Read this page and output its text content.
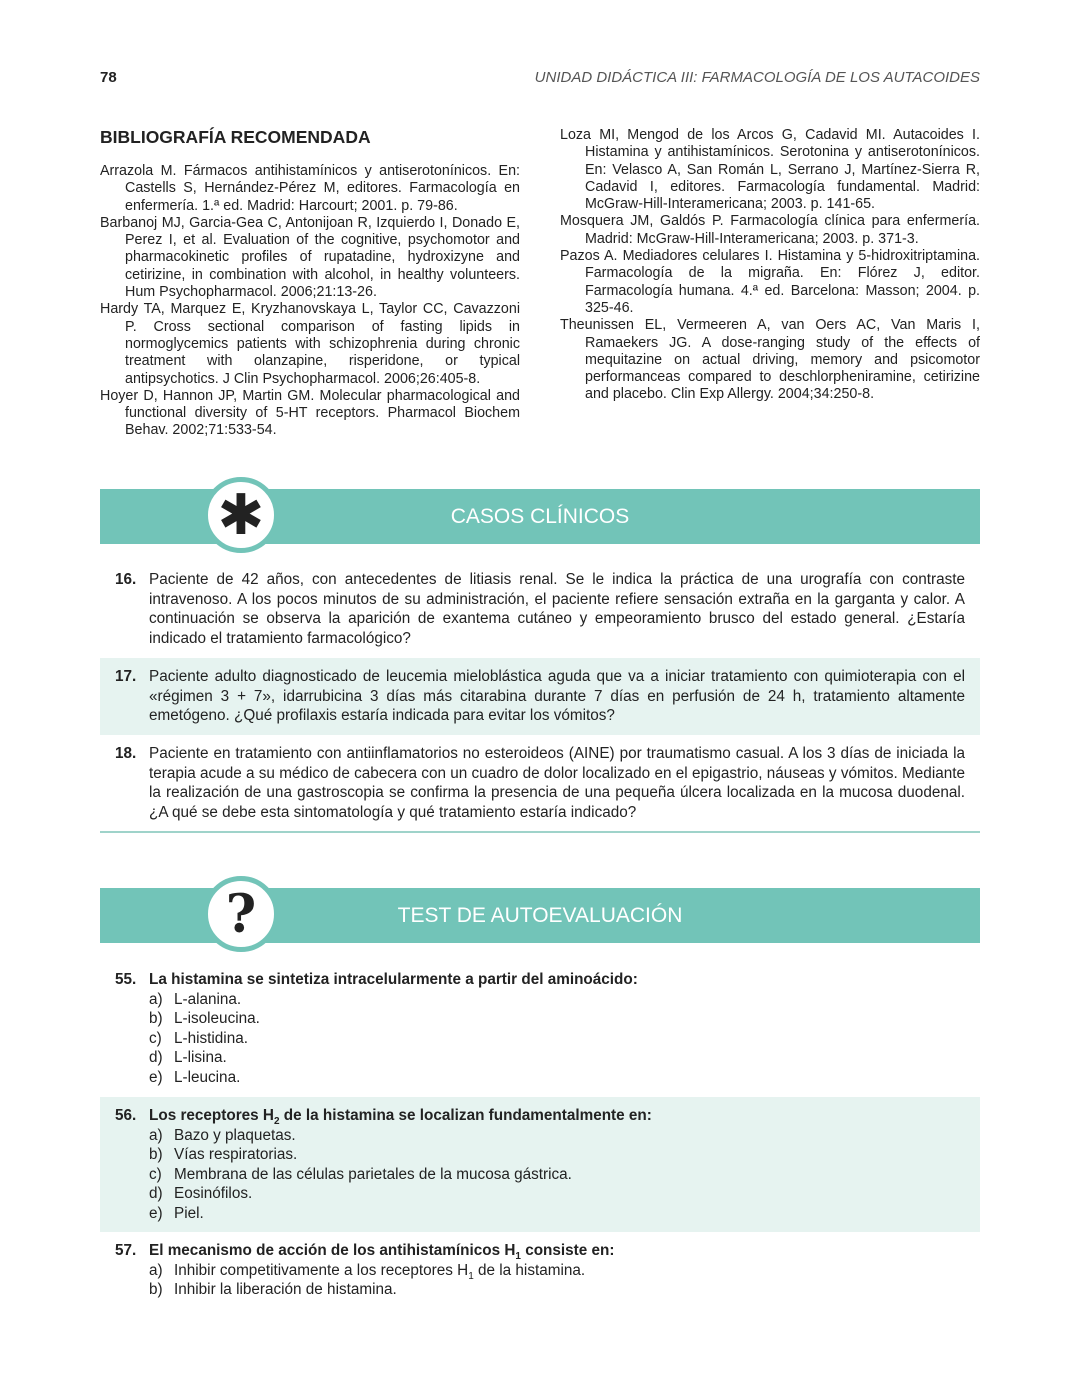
78	UNIDAD DIDÁCTICA III: FARMACOLOGÍA DE LOS AUTACOIDES
BIBLIOGRAFÍA RECOMENDADA

Arrazola M. Fármacos antihistamínicos y antiserotonínicos. En: Castells S, Hernández-Pérez M, editores. Farmacología en enfermería. 1.ª ed. Madrid: Harcourt; 2001. p. 79-86.

Barbanoj MJ, Garcia-Gea C, Antonijoan R, Izquierdo I, Donado E, Perez I, et al. Evaluation of the cognitive, psychomotor and pharmacokinetic profiles of rupatadine, hydroxizyne and cetirizine, in combination with alcohol, in healthy volunteers. Hum Psychopharmacol. 2006;21:13-26.

Hardy TA, Marquez E, Kryzhanovskaya L, Taylor CC, Cavazzoni P. Cross sectional comparison of fasting lipids in normoglycemics patients with schizophrenia during chronic treatment with olanzapine, risperidone, or typical antipsychotics. J Clin Psychopharmacol. 2006;26:405-8.

Hoyer D, Hannon JP, Martin GM. Molecular pharmacological and functional diversity of 5-HT receptors. Pharmacol Biochem Behav. 2002;71:533-54.

Loza MI, Mengod de los Arcos G, Cadavid MI. Autacoides I. Histamina y antihistamínicos. Serotonina y antiserotonínicos. En: Velasco A, San Román L, Serrano J, Martínez-Sierra R, Cadavid I, editores. Farmacología fundamental. Madrid: McGraw-Hill-Interamericana; 2003. p. 141-65.

Mosquera JM, Galdós P. Farmacología clínica para enfermería. Madrid: McGraw-Hill-Interamericana; 2003. p. 371-3.

Pazos A. Mediadores celulares I. Histamina y 5-hidroxitriptamina. Farmacología de la migraña. En: Flórez J, editor. Farmacología humana. 4.ª ed. Barcelona: Masson; 2004. p. 325-46.

Theunissen EL, Vermeeren A, van Oers AC, Van Maris I, Ramaekers JG. A dose-ranging study of the effects of mequitazine on actual driving, memory and psicomotor performanceas compared to deschlorpheniramine, cetirizine and placebo. Clin Exp Allergy. 2004;34:250-8.

✱	CASOS CLÍNICOS
16. Paciente de 42 años, con antecedentes de litiasis renal. Se le indica la práctica de una urografía con contraste intravenoso. A los pocos minutos de su administración, el paciente refiere sensación extraña en la garganta y calor. A continuación se observa la aparición de exantema cutáneo y empeoramiento brusco del estado general. ¿Estaría indicado el tratamiento farmacológico?
17. Paciente adulto diagnosticado de leucemia mieloblástica aguda que va a iniciar tratamiento con quimioterapia con el «régimen 3 + 7», idarrubicina 3 días más citarabina durante 7 días en perfusión de 24 h, tratamiento altamente emetógeno. ¿Qué profilaxis estaría indicada para evitar los vómitos?
18. Paciente en tratamiento con antiinflamatorios no esteroideos (AINE) por traumatismo casual. A los 3 días de iniciada la terapia acude a su médico de cabecera con un cuadro de dolor localizado en el epigastrio, náuseas y vómitos. Mediante la realización de una gastroscopia se confirma la presencia de una pequeña úlcera localizada en la mucosa duodenal. ¿A qué se debe esta sintomatología y qué tratamiento estaría indicado?
?	TEST DE AUTOEVALUACIÓN
55. La histamina se sintetiza intracelularmente a partir del aminoácido:
a) L-alanina.
b) L-isoleucina.
c) L-histidina.
d) L-lisina.
e) L-leucina.
56. Los receptores $H_2$ de la histamina se localizan fundamentalmente en:
a) Bazo y plaquetas.
b) Vías respiratorias.
c) Membrana de las células parietales de la mucosa gástrica.
d) Eosinófilos.
e) Piel.
57. El mecanismo de acción de los antihistamínicos $H_1$ consiste en:
a) Inhibir competitivamente a los receptores $H_1$ de la histamina.
b) Inhibir la liberación de histamina.
